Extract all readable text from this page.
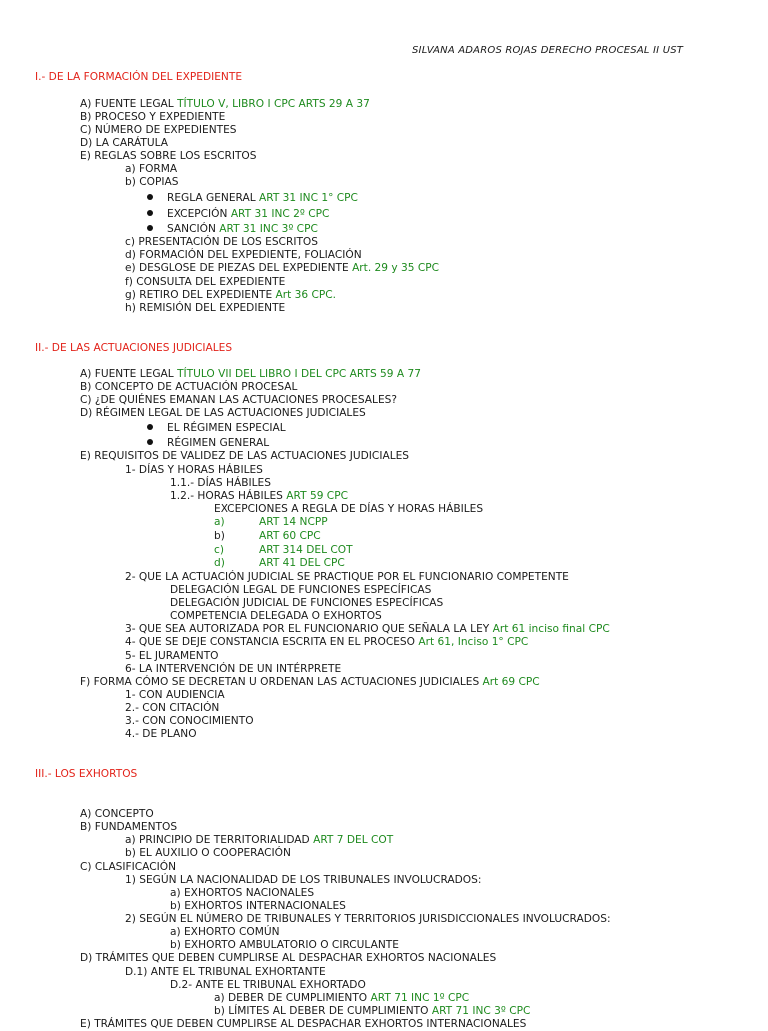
SILVANA ADAROS ROJAS DERECHO PROCESAL II UST
I.- DE LA FORMACIÓN DEL EXPEDIENTE
A) FUENTE LEGAL TÍTULO V, LIBRO I CPC ARTS 29 A 37
B) PROCESO Y EXPEDIENTE
C) NÚMERO DE EXPEDIENTES
D) LA CARÁTULA
E) REGLAS SOBRE LOS ESCRITOS
a) FORMA
b) COPIAS
REGLA GENERAL ART 31 INC 1° CPC
EXCEPCIÓN ART 31 INC 2º CPC
SANCIÓN ART 31 INC 3º CPC
c) PRESENTACIÓN DE LOS ESCRITOS
d) FORMACIÓN DEL EXPEDIENTE, FOLIACIÓN
e) DESGLOSE DE PIEZAS DEL EXPEDIENTE Art. 29 y 35 CPC
f) CONSULTA DEL EXPEDIENTE
g) RETIRO DEL EXPEDIENTE Art 36 CPC.
h) REMISIÓN DEL EXPEDIENTE
II.- DE LAS ACTUACIONES JUDICIALES
A) FUENTE LEGAL TÍTULO VII DEL LIBRO I DEL CPC ARTS 59 A 77
B) CONCEPTO DE ACTUACIÓN PROCESAL
C) ¿DE QUIÉNES EMANAN LAS ACTUACIONES PROCESALES?
D) RÉGIMEN LEGAL DE LAS ACTUACIONES JUDICIALES
EL RÉGIMEN ESPECIAL
RÉGIMEN GENERAL
E) REQUISITOS DE VALIDEZ DE LAS ACTUACIONES JUDICIALES
1- DÍAS Y HORAS HÁBILES
1.1.- DÍAS HÁBILES
1.2.- HORAS HÁBILES ART 59 CPC
EXCEPCIONES A REGLA DE DÍAS Y HORAS HÁBILES
a)	ART 14 NCPP
b)	ART 60 CPC
c)	ART 314 DEL COT
d)	ART 41 DEL CPC
2- QUE LA ACTUACIÓN JUDICIAL SE PRACTIQUE POR EL FUNCIONARIO COMPETENTE
DELEGACIÓN LEGAL DE FUNCIONES ESPECÍFICAS
DELEGACIÓN JUDICIAL DE FUNCIONES ESPECÍFICAS
COMPETENCIA DELEGADA O EXHORTOS
3- QUE SEA AUTORIZADA POR EL FUNCIONARIO QUE SEÑALA LA LEY Art 61 inciso final CPC
4- QUE SE DEJE CONSTANCIA ESCRITA EN EL PROCESO Art 61, Inciso 1° CPC
5- EL JURAMENTO
6- LA INTERVENCIÓN DE UN INTÉRPRETE
F) FORMA CÓMO SE DECRETAN U ORDENAN LAS ACTUACIONES JUDICIALES Art 69 CPC
1- CON AUDIENCIA
2.- CON CITACIÓN
3.- CON CONOCIMIENTO
4.- DE PLANO
III.- LOS EXHORTOS
A) CONCEPTO
B) FUNDAMENTOS
a) PRINCIPIO DE TERRITORIALIDAD ART 7 DEL COT
b) EL AUXILIO O COOPERACIÓN
C) CLASIFICACIÓN
1) SEGÚN LA NACIONALIDAD DE LOS TRIBUNALES INVOLUCRADOS:
a) EXHORTOS NACIONALES
b) EXHORTOS INTERNACIONALES
2) SEGÚN EL NÚMERO DE TRIBUNALES Y TERRITORIOS JURISDICCIONALES INVOLUCRADOS:
a) EXHORTO COMÚN
b) EXHORTO AMBULATORIO O CIRCULANTE
D) TRÁMITES QUE DEBEN CUMPLIRSE AL DESPACHAR EXHORTOS NACIONALES
D.1) ANTE EL TRIBUNAL EXHORTANTE
D.2- ANTE EL TRIBUNAL EXHORTADO
a) DEBER DE CUMPLIMIENTO ART 71 INC 1º CPC
b) LÍMITES AL DEBER DE CUMPLIMIENTO ART 71 INC 3º CPC
E) TRÁMITES QUE DEBEN CUMPLIRSE AL DESPACHAR EXHORTOS INTERNACIONALES
